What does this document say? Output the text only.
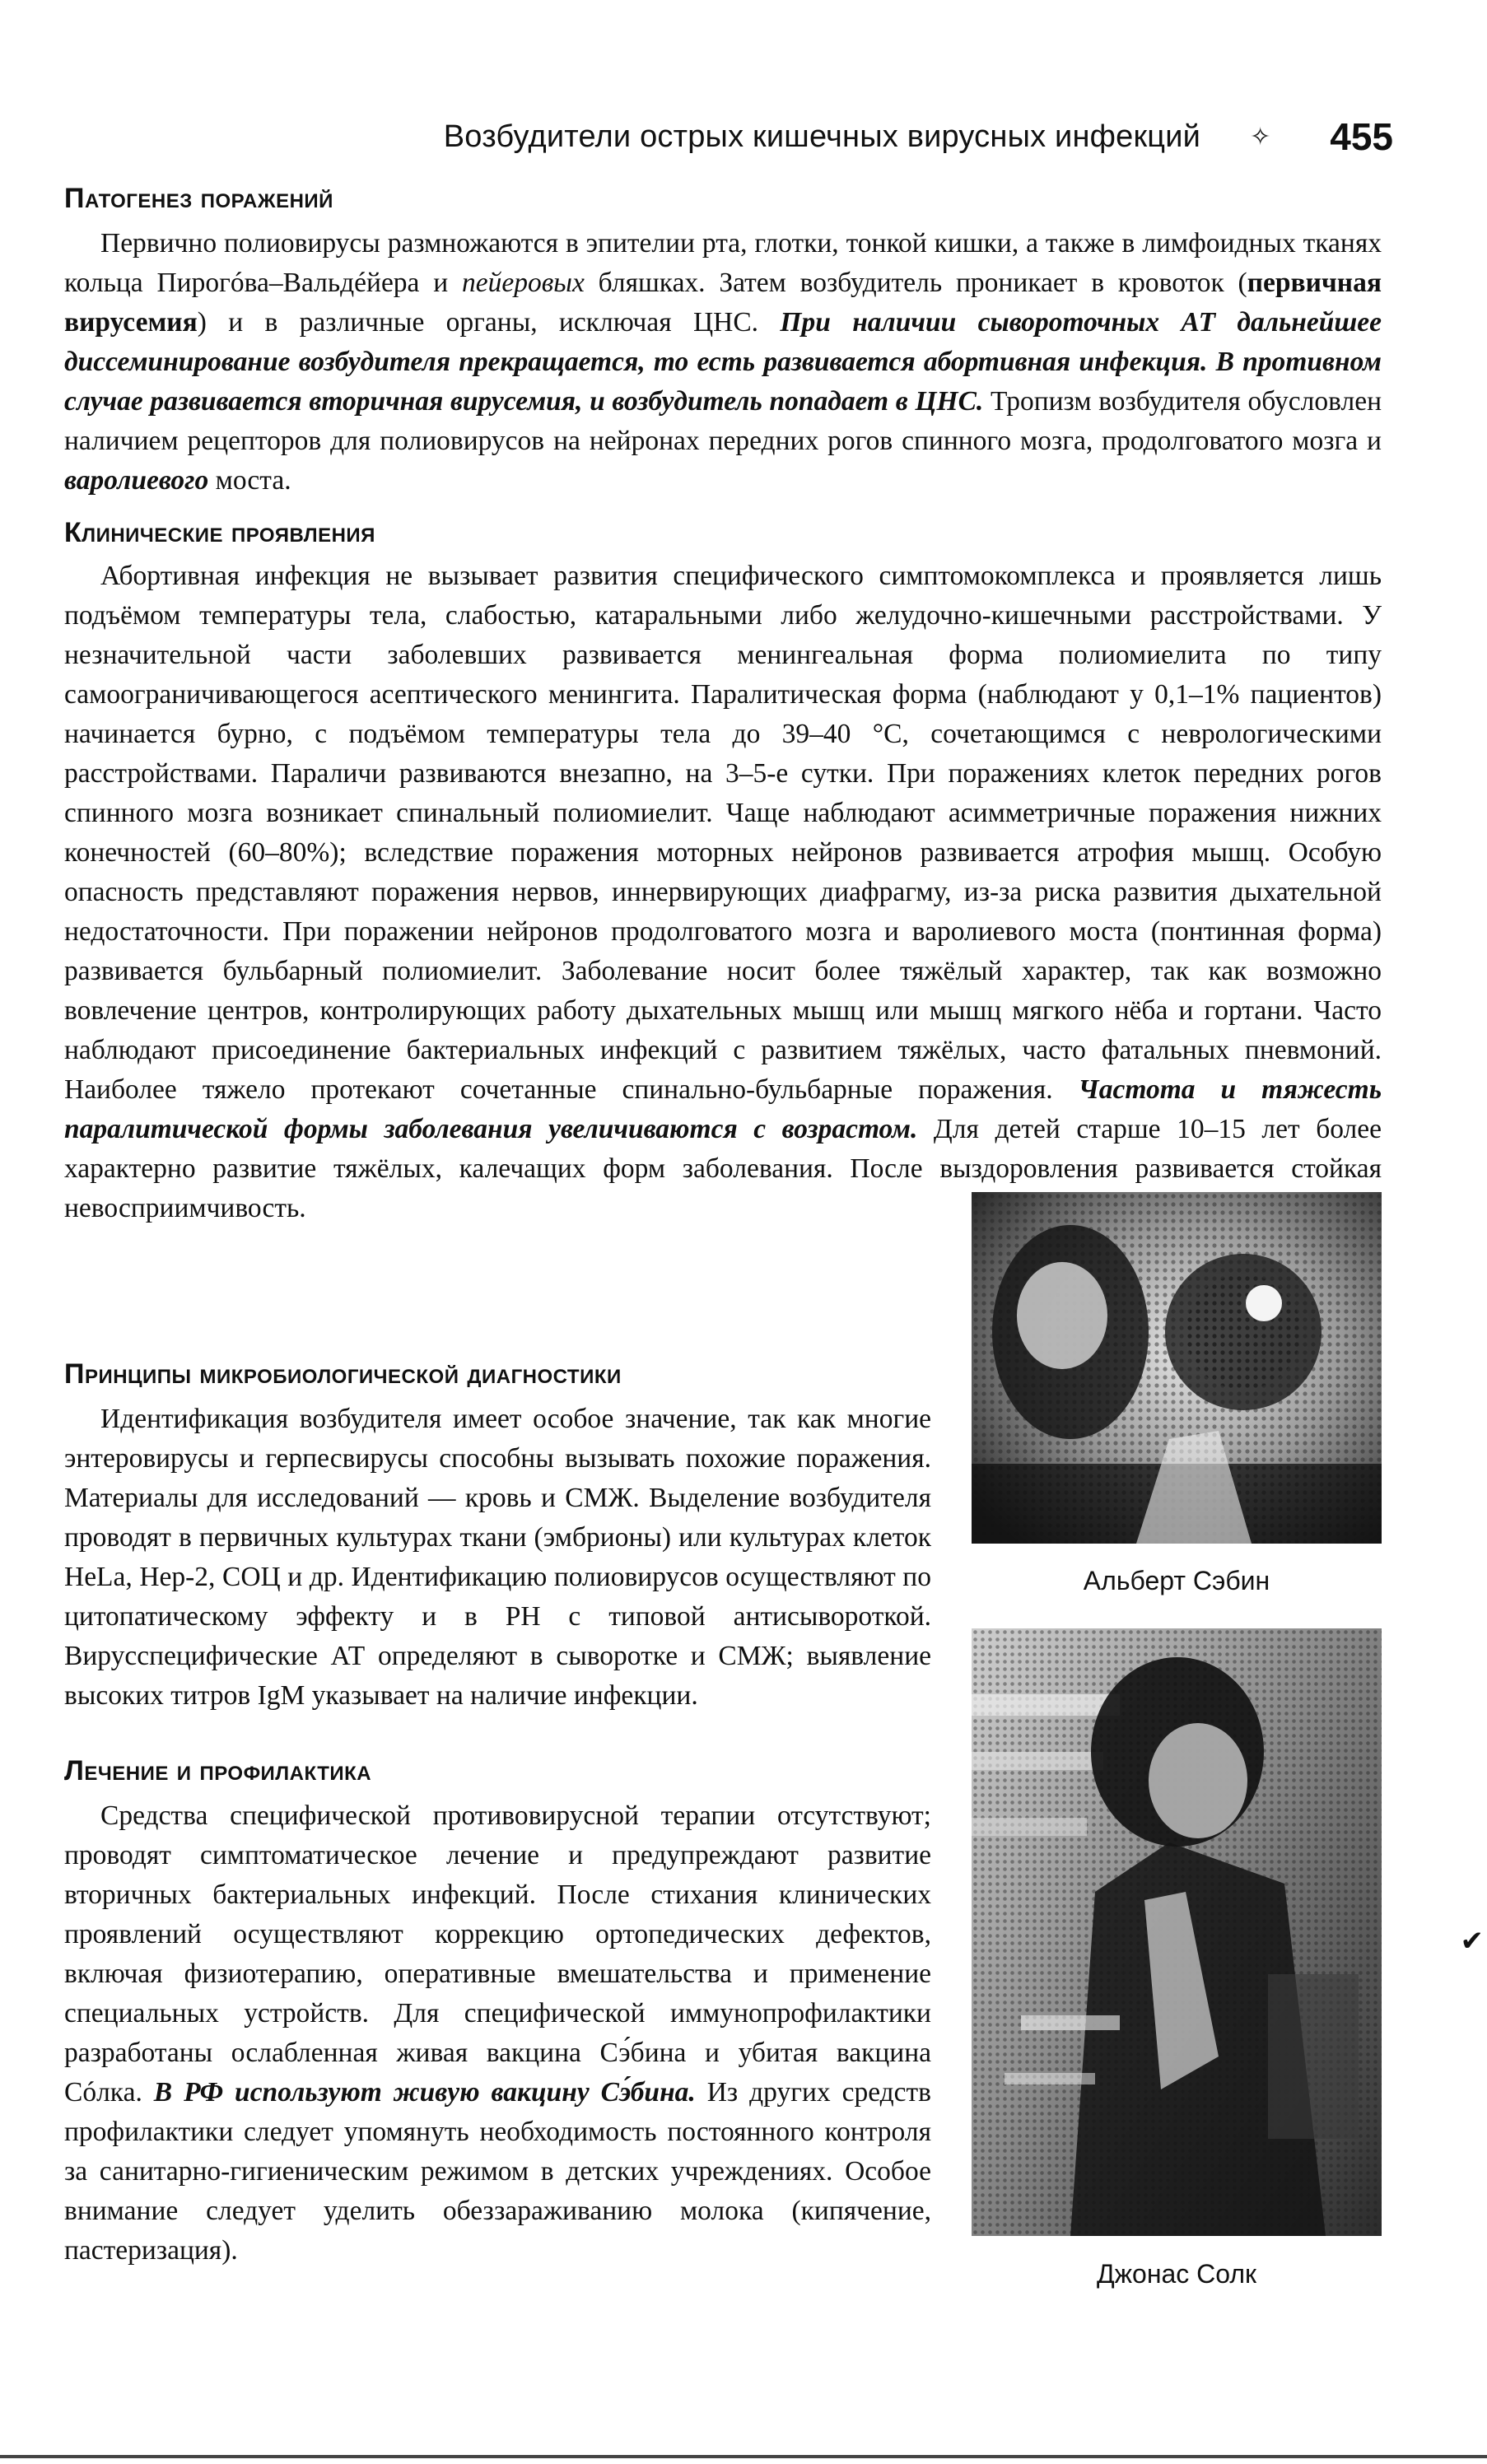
Возбудители острых кишечных вирусных инфекций ✧ 455
Патогенез поражений

Первично полиовирусы размножаются в эпителии рта, глотки, тонкой кишки, а также в лимфоидных тканях кольца Пирогóва–Вальдéйера и пейеровых бляшках. Затем возбудитель проникает в кровоток (первичная вирусемия) и в различные органы, исключая ЦНС. При наличии сывороточных АТ дальнейшее диссеминирование возбудителя прекращается, то есть развивается абортивная инфекция. В противном случае развивается вторичная вирусемия, и возбудитель попадает в ЦНС. Тропизм возбудителя обусловлен наличием рецепторов для полиовирусов на нейронах передних рогов спинного мозга, продолговатого мозга и варолиевого моста.

Клинические проявления

Абортивная инфекция не вызывает развития специфического симптомокомплекса и проявляется лишь подъёмом температуры тела, слабостью, катаральными либо желудочно-кишечными расстройствами. У незначительной части заболевших развивается менингеальная форма полиомиелита по типу самоограничивающегося асептического менингита. Паралитическая форма (наблюдают у 0,1–1% пациентов) начинается бурно, с подъёмом температуры тела до 39–40 °С, сочетающимся с неврологическими расстройствами. Параличи развиваются внезапно, на 3–5-е сутки. При поражениях клеток передних рогов спинного мозга возникает спинальный полиомиелит. Чаще наблюдают асимметричные поражения нижних конечностей (60–80%); вследствие поражения моторных нейронов развивается атрофия мышц. Особую опасность представляют поражения нервов, иннервирующих диафрагму, из-за риска развития дыхательной недостаточности. При поражении нейронов продолговатого мозга и варолиевого моста (понтинная форма) развивается бульбарный полиомиелит. Заболевание носит более тяжёлый характер, так как возможно вовлечение центров, контролирующих работу дыхательных мышц или мышц мягкого нёба и гортани. Часто наблюдают присоединение бактериальных инфекций с развитием тяжёлых, часто фатальных пневмоний. Наиболее тяжело протекают сочетанные спинально-бульбарные поражения. Частота и тяжесть паралитической формы заболевания увеличиваются с возрастом. Для детей старше 10–15 лет более характерно развитие тяжёлых, калечащих форм заболевания. После выздоровления развивается стойкая невосприимчивость.

Принципы микробиологической диагностики

Идентификация возбудителя имеет особое значение, так как многие энтеровирусы и герпесвирусы способны вызывать похожие поражения. Материалы для исследований — кровь и СМЖ. Выделение возбудителя проводят в первичных культурах ткани (эмбрионы) или культурах клеток HeLa, Hep-2, СОЦ и др. Идентификацию полиовирусов осуществляют по цитопатическому эффекту и в РН с типовой антисывороткой. Вирусспецифические АТ определяют в сыворотке и СМЖ; выявление высоких титров IgM указывает на наличие инфекции.

Лечение и профилактика

Средства специфической противовирусной терапии отсутствуют; проводят симптоматическое лечение и предупреждают развитие вторичных бактериальных инфекций. После стихания клинических проявлений осуществляют коррекцию ортопедических дефектов, включая физиотерапию, оперативные вмешательства и применение специальных устройств. Для специфической иммунопрофилактики разработаны ослабленная живая вакцина Сэ́бина и убитая вакцина Сóлка. В РФ используют живую вакцину Сэ́бина. Из других средств профилактики следует упомянуть необходимость постоянного контроля за санитарно-гигиеническим режимом в детских учреждениях. Особое внимание следует уделить обеззараживанию молока (кипячение, пастеризация).

Альберт Сэбин
Джонас Солк
✔
